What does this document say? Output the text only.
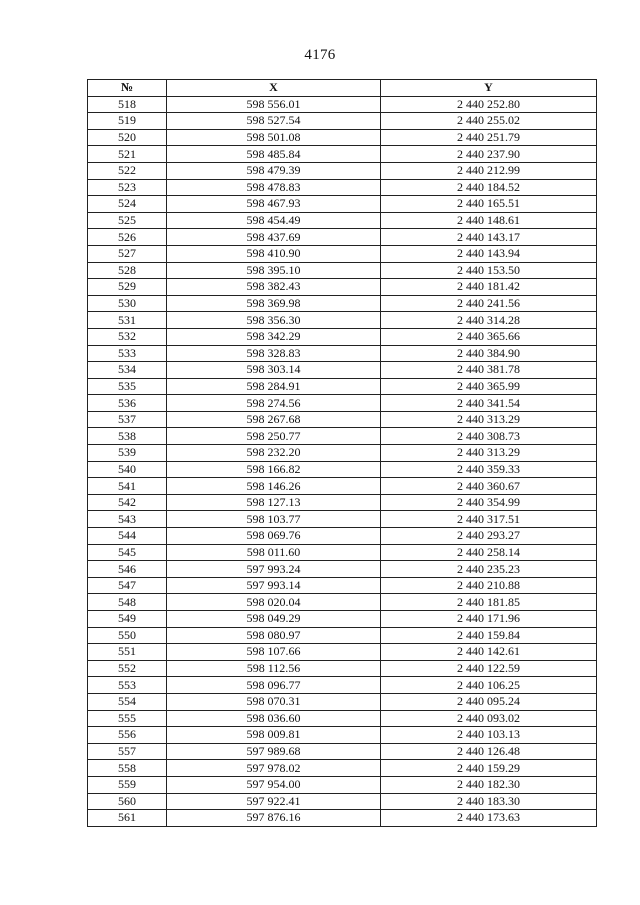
4176
№	X	Y
518	598 556.01	2 440 252.80
519	598 527.54	2 440 255.02
520	598 501.08	2 440 251.79
521	598 485.84	2 440 237.90
522	598 479.39	2 440 212.99
523	598 478.83	2 440 184.52
524	598 467.93	2 440 165.51
525	598 454.49	2 440 148.61
526	598 437.69	2 440 143.17
527	598 410.90	2 440 143.94
528	598 395.10	2 440 153.50
529	598 382.43	2 440 181.42
530	598 369.98	2 440 241.56
531	598 356.30	2 440 314.28
532	598 342.29	2 440 365.66
533	598 328.83	2 440 384.90
534	598 303.14	2 440 381.78
535	598 284.91	2 440 365.99
536	598 274.56	2 440 341.54
537	598 267.68	2 440 313.29
538	598 250.77	2 440 308.73
539	598 232.20	2 440 313.29
540	598 166.82	2 440 359.33
541	598 146.26	2 440 360.67
542	598 127.13	2 440 354.99
543	598 103.77	2 440 317.51
544	598 069.76	2 440 293.27
545	598 011.60	2 440 258.14
546	597 993.24	2 440 235.23
547	597 993.14	2 440 210.88
548	598 020.04	2 440 181.85
549	598 049.29	2 440 171.96
550	598 080.97	2 440 159.84
551	598 107.66	2 440 142.61
552	598 112.56	2 440 122.59
553	598 096.77	2 440 106.25
554	598 070.31	2 440 095.24
555	598 036.60	2 440 093.02
556	598 009.81	2 440 103.13
557	597 989.68	2 440 126.48
558	597 978.02	2 440 159.29
559	597 954.00	2 440 182.30
560	597 922.41	2 440 183.30
561	597 876.16	2 440 173.63
